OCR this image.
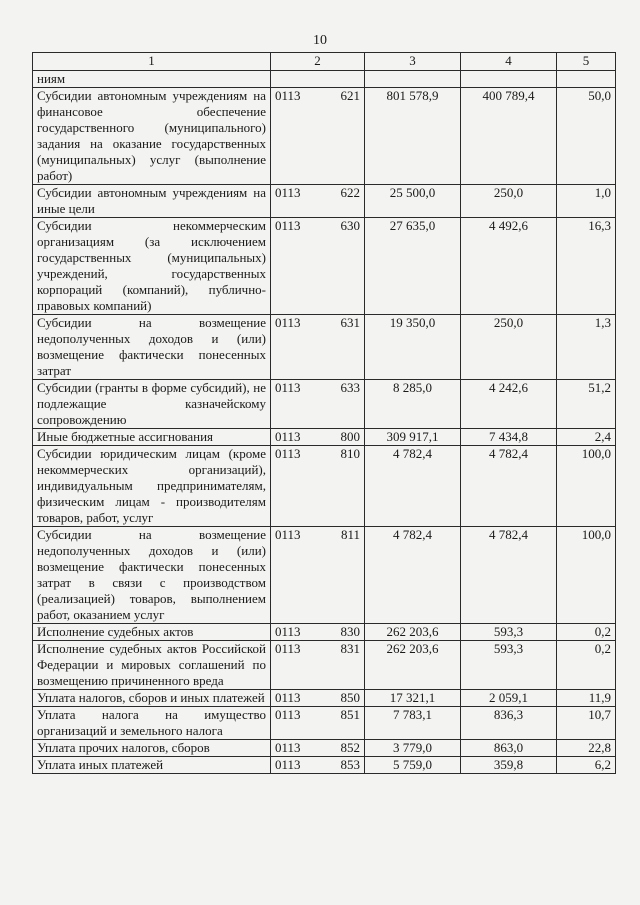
10
1	2	3	4	5
ниям	

Субсидии автономным учреждениям на финансовое обеспечение государственного (муниципального) задания на оказание государственных (муниципальных) услуг (выполнение работ)	0113 621	801 578,9	400 789,4	50,0
Субсидии автономным учреждениям на иные цели	0113 622	25 500,0	250,0	1,0
Субсидии некоммерческим организациям (за исключением государственных (муниципальных) учреждений, государственных корпораций (компаний), публично-правовых компаний)	0113 630	27 635,0	4 492,6	16,3
Субсидии на возмещение недополученных доходов и (или) возмещение фактически понесенных затрат	0113 631	19 350,0	250,0	1,3
Субсидии (гранты в форме субсидий), не подлежащие казначейскому сопровождению	0113 633	8 285,0	4 242,6	51,2
Иные бюджетные ассигнования	0113 800	309 917,1	7 434,8	2,4
Субсидии юридическим лицам (кроме некоммерческих организаций), индивидуальным предпринимателям, физическим лицам - производителям товаров, работ, услуг	0113 810	4 782,4	4 782,4	100,0
Субсидии на возмещение недополученных доходов и (или) возмещение фактически понесенных затрат в связи с производством (реализацией) товаров, выполнением работ, оказанием услуг	0113 811	4 782,4	4 782,4	100,0
Исполнение судебных актов	0113 830	262 203,6	593,3	0,2
Исполнение судебных актов Российской Федерации и мировых соглашений по возмещению причиненного вреда	0113 831	262 203,6	593,3	0,2
Уплата налогов, сборов и иных платежей	0113 850	17 321,1	2 059,1	11,9
Уплата налога на имущество организаций и земельного налога	0113 851	7 783,1	836,3	10,7
Уплата прочих налогов, сборов	0113 852	3 779,0	863,0	22,8
Уплата иных платежей	0113 853	5 759,0	359,8	6,2
